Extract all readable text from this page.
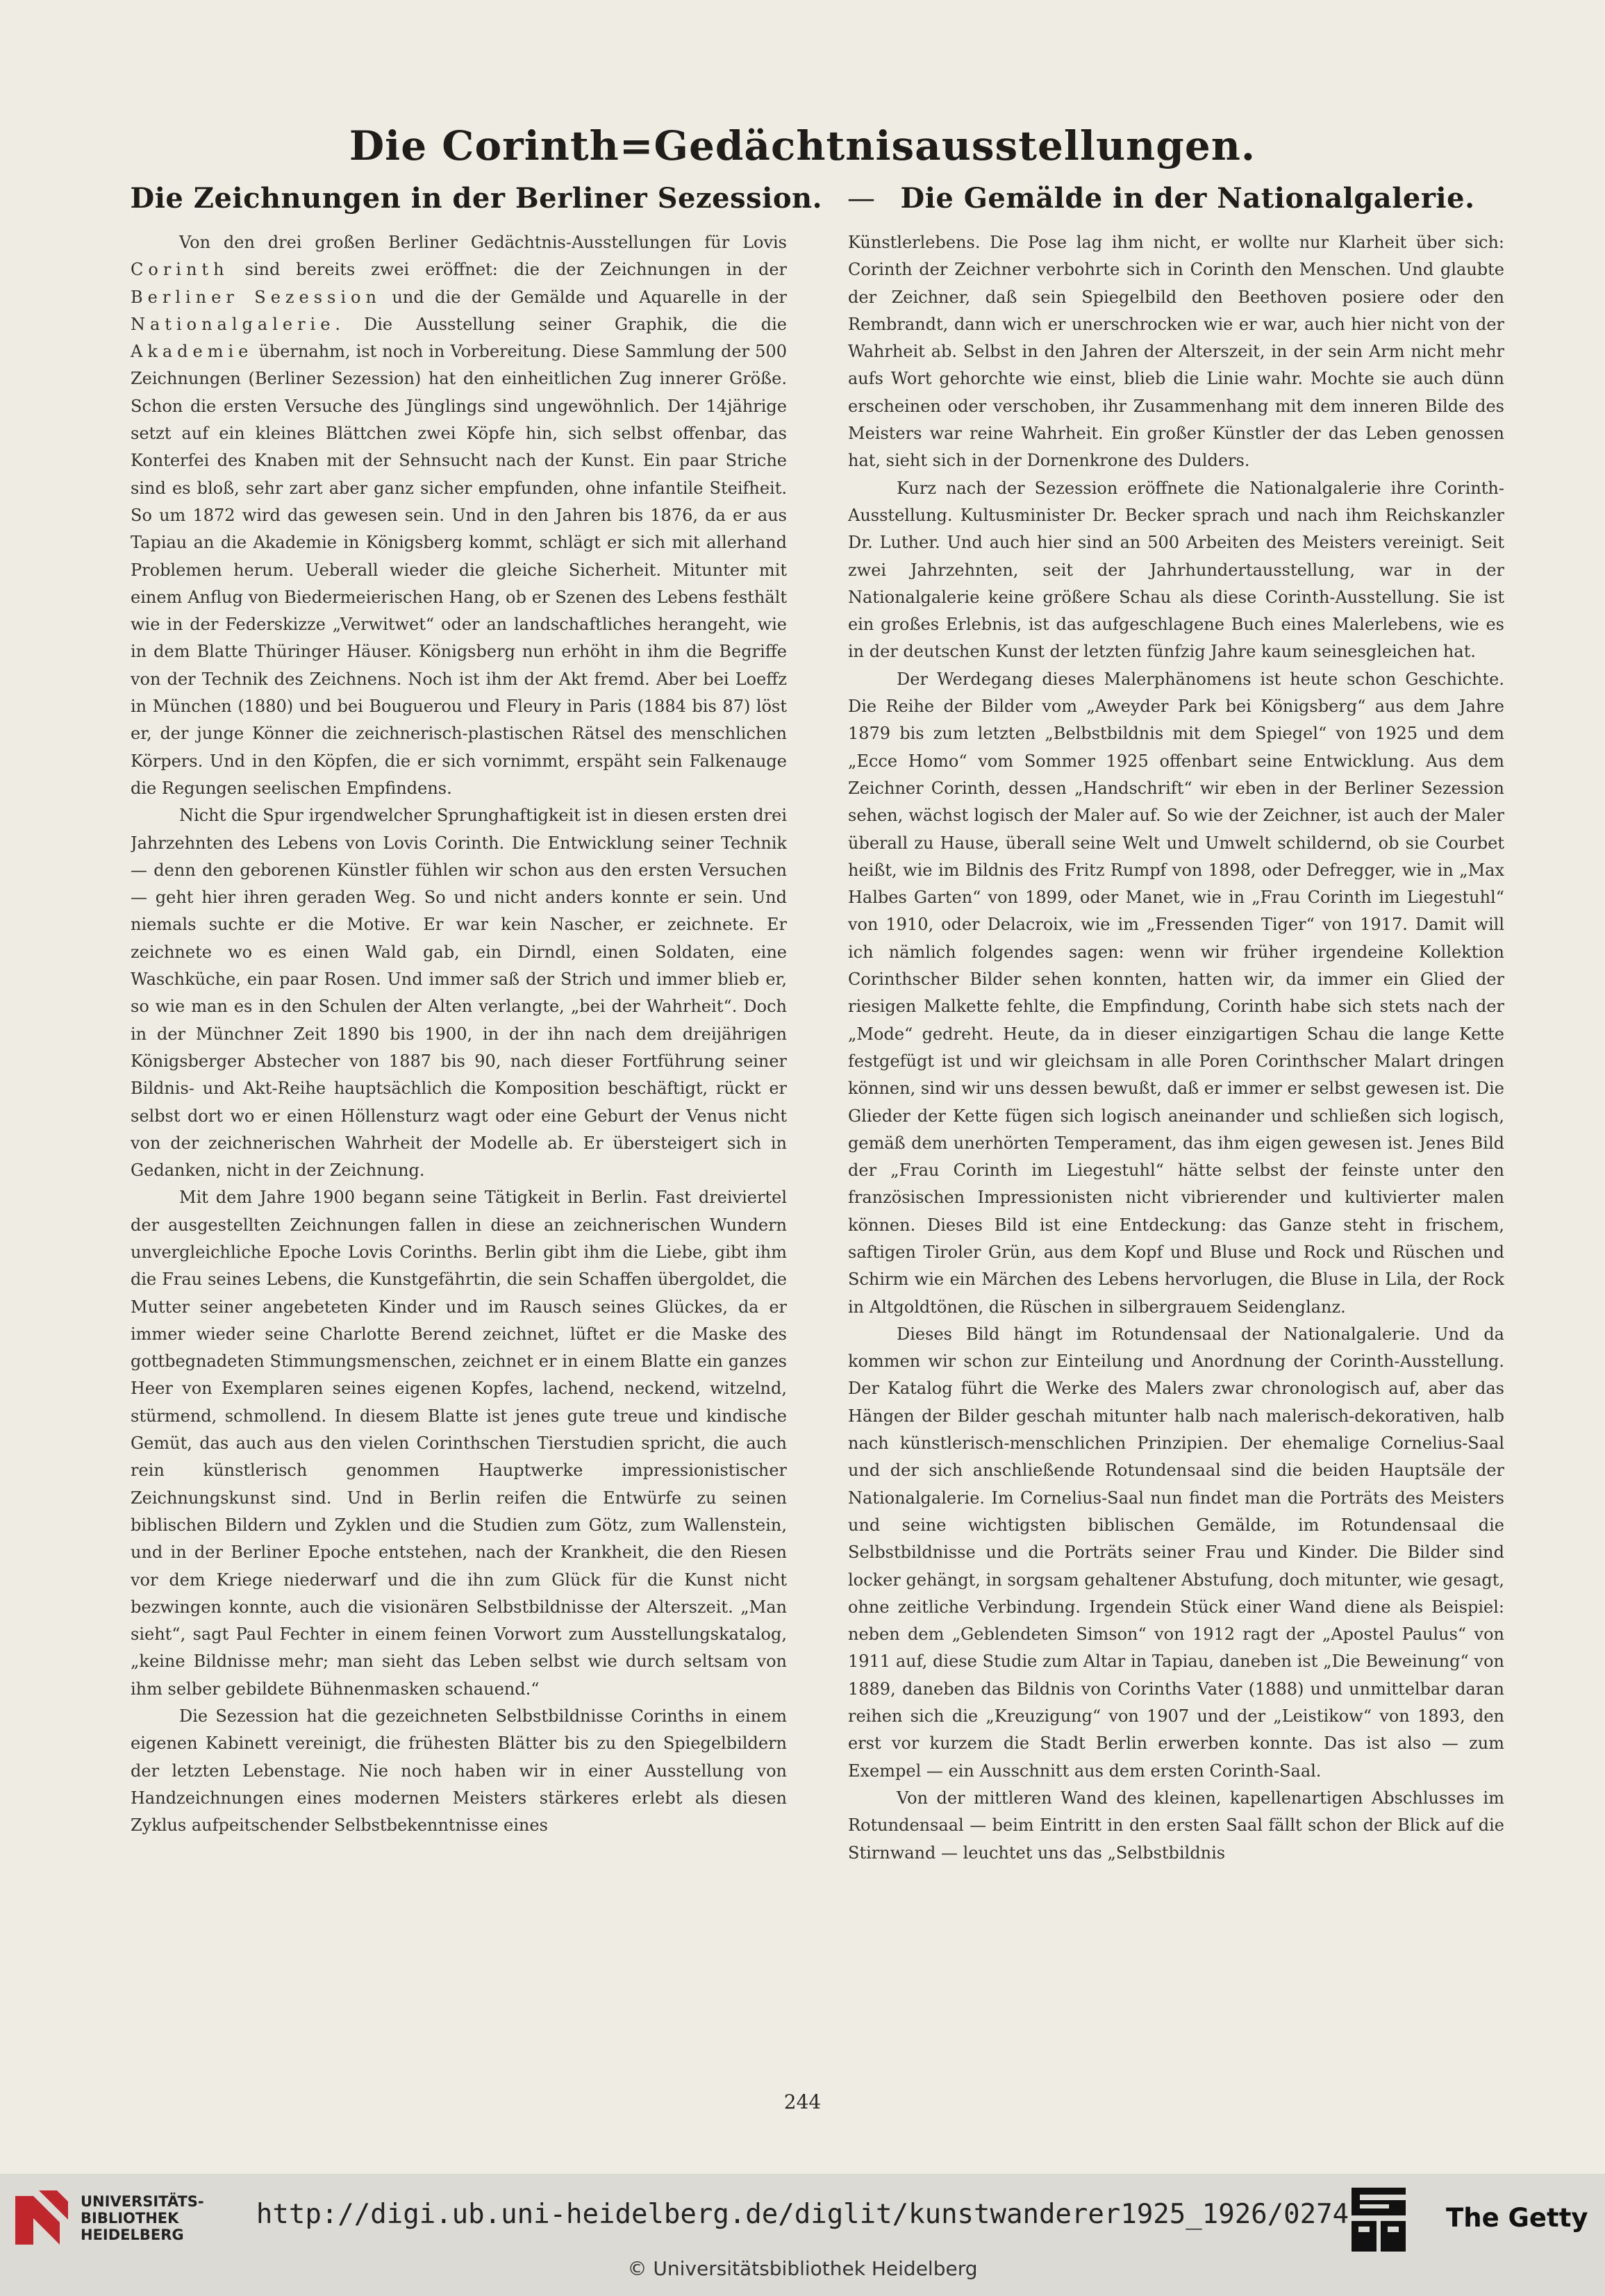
Die Corinth=Gedächtnisausstellungen.
Die Zeichnungen in der Berliner Sezession. — Die Gemälde in der Nationalgalerie.

Von den drei großen Berliner Gedächtnis-Ausstellungen für Lovis Corinth sind bereits zwei eröffnet: die der Zeichnungen in der Berliner Sezession und die der Gemälde und Aquarelle in der Nationalgalerie. Die Ausstellung seiner Graphik, die die Akademie übernahm, ist noch in Vorbereitung. Diese Sammlung der 500 Zeichnungen (Berliner Sezession) hat den einheitlichen Zug innerer Größe. Schon die ersten Versuche des Jünglings sind ungewöhnlich. Der 14jährige setzt auf ein kleines Blättchen zwei Köpfe hin, sich selbst offenbar, das Konterfei des Knaben mit der Sehnsucht nach der Kunst. Ein paar Striche sind es bloß, sehr zart aber ganz sicher empfunden, ohne infantile Steifheit. So um 1872 wird das gewesen sein. Und in den Jahren bis 1876, da er aus Tapiau an die Akademie in Königsberg kommt, schlägt er sich mit allerhand Problemen herum. Ueberall wieder die gleiche Sicherheit. Mitunter mit einem Anflug von Biedermeierischen Hang, ob er Szenen des Lebens festhält wie in der Federskizze „Verwitwet“ oder an landschaftliches herangeht, wie in dem Blatte Thüringer Häuser. Königsberg nun erhöht in ihm die Begriffe von der Technik des Zeichnens. Noch ist ihm der Akt fremd. Aber bei Loeffz in München (1880) und bei Bouguerou und Fleury in Paris (1884 bis 87) löst er, der junge Könner die zeichnerisch-plastischen Rätsel des menschlichen Körpers. Und in den Köpfen, die er sich vornimmt, erspäht sein Falkenauge die Regungen seelischen Empfindens.

Nicht die Spur irgendwelcher Sprunghaftigkeit ist in diesen ersten drei Jahrzehnten des Lebens von Lovis Corinth. Die Entwicklung seiner Technik — denn den geborenen Künstler fühlen wir schon aus den ersten Versuchen — geht hier ihren geraden Weg. So und nicht anders konnte er sein. Und niemals suchte er die Motive. Er war kein Nascher, er zeichnete. Er zeichnete wo es einen Wald gab, ein Dirndl, einen Soldaten, eine Waschküche, ein paar Rosen. Und immer saß der Strich und immer blieb er, so wie man es in den Schulen der Alten verlangte, „bei der Wahrheit“. Doch in der Münchner Zeit 1890 bis 1900, in der ihn nach dem dreijährigen Königsberger Abstecher von 1887 bis 90, nach dieser Fortführung seiner Bildnis- und Akt-Reihe hauptsächlich die Komposition beschäftigt, rückt er selbst dort wo er einen Höllensturz wagt oder eine Geburt der Venus nicht von der zeichnerischen Wahrheit der Modelle ab. Er übersteigert sich in Gedanken, nicht in der Zeichnung.

Mit dem Jahre 1900 begann seine Tätigkeit in Berlin. Fast dreiviertel der ausgestellten Zeichnungen fallen in diese an zeichnerischen Wundern unvergleichliche Epoche Lovis Corinths. Berlin gibt ihm die Liebe, gibt ihm die Frau seines Lebens, die Kunstgefährtin, die sein Schaffen übergoldet, die Mutter seiner angebeteten Kinder und im Rausch seines Glückes, da er immer wieder seine Charlotte Berend zeichnet, lüftet er die Maske des gottbegnadeten Stimmungsmenschen, zeichnet er in einem Blatte ein ganzes Heer von Exemplaren seines eigenen Kopfes, lachend, neckend, witzelnd, stürmend, schmollend. In diesem Blatte ist jenes gute treue und kindische Gemüt, das auch aus den vielen Corinthschen Tierstudien spricht, die auch rein künstlerisch genommen Hauptwerke impressionistischer Zeichnungskunst sind. Und in Berlin reifen die Entwürfe zu seinen biblischen Bildern und Zyklen und die Studien zum Götz, zum Wallenstein, und in der Berliner Epoche entstehen, nach der Krankheit, die den Riesen vor dem Kriege niederwarf und die ihn zum Glück für die Kunst nicht bezwingen konnte, auch die visionären Selbstbildnisse der Alterszeit. „Man sieht“, sagt Paul Fechter in einem feinen Vorwort zum Ausstellungskatalog, „keine Bildnisse mehr; man sieht das Leben selbst wie durch seltsam von ihm selber gebildete Bühnenmasken schauend.“

Die Sezession hat die gezeichneten Selbstbildnisse Corinths in einem eigenen Kabinett vereinigt, die frühesten Blätter bis zu den Spiegelbildern der letzten Lebenstage. Nie noch haben wir in einer Ausstellung von Handzeichnungen eines modernen Meisters stärkeres erlebt als diesen Zyklus aufpeitschender Selbstbekenntnisse eines

Künstlerlebens. Die Pose lag ihm nicht, er wollte nur Klarheit über sich: Corinth der Zeichner verbohrte sich in Corinth den Menschen. Und glaubte der Zeichner, daß sein Spiegelbild den Beethoven posiere oder den Rembrandt, dann wich er unerschrocken wie er war, auch hier nicht von der Wahrheit ab. Selbst in den Jahren der Alterszeit, in der sein Arm nicht mehr aufs Wort gehorchte wie einst, blieb die Linie wahr. Mochte sie auch dünn erscheinen oder verschoben, ihr Zusammenhang mit dem inneren Bilde des Meisters war reine Wahrheit. Ein großer Künstler der das Leben genossen hat, sieht sich in der Dornenkrone des Dulders.

Kurz nach der Sezession eröffnete die Nationalgalerie ihre Corinth-Ausstellung. Kultusminister Dr. Becker sprach und nach ihm Reichskanzler Dr. Luther. Und auch hier sind an 500 Arbeiten des Meisters vereinigt. Seit zwei Jahrzehnten, seit der Jahrhundertausstellung, war in der Nationalgalerie keine größere Schau als diese Corinth-Ausstellung. Sie ist ein großes Erlebnis, ist das aufgeschlagene Buch eines Malerlebens, wie es in der deutschen Kunst der letzten fünfzig Jahre kaum seinesgleichen hat.

Der Werdegang dieses Malerphänomens ist heute schon Geschichte. Die Reihe der Bilder vom „Aweyder Park bei Königsberg“ aus dem Jahre 1879 bis zum letzten „Belbstbildnis mit dem Spiegel“ von 1925 und dem „Ecce Homo“ vom Sommer 1925 offenbart seine Entwicklung. Aus dem Zeichner Corinth, dessen „Handschrift“ wir eben in der Berliner Sezession sehen, wächst logisch der Maler auf. So wie der Zeichner, ist auch der Maler überall zu Hause, überall seine Welt und Umwelt schildernd, ob sie Courbet heißt, wie im Bildnis des Fritz Rumpf von 1898, oder Defregger, wie in „Max Halbes Garten“ von 1899, oder Manet, wie in „Frau Corinth im Liegestuhl“ von 1910, oder Delacroix, wie im „Fressenden Tiger“ von 1917. Damit will ich nämlich folgendes sagen: wenn wir früher irgendeine Kollektion Corinthscher Bilder sehen konnten, hatten wir, da immer ein Glied der riesigen Malkette fehlte, die Empfindung, Corinth habe sich stets nach der „Mode“ gedreht. Heute, da in dieser einzigartigen Schau die lange Kette festgefügt ist und wir gleichsam in alle Poren Corinthscher Malart dringen können, sind wir uns dessen bewußt, daß er immer er selbst gewesen ist. Die Glieder der Kette fügen sich logisch aneinander und schließen sich logisch, gemäß dem unerhörten Temperament, das ihm eigen gewesen ist. Jenes Bild der „Frau Corinth im Liegestuhl“ hätte selbst der feinste unter den französischen Impressionisten nicht vibrierender und kultivierter malen können. Dieses Bild ist eine Entdeckung: das Ganze steht in frischem, saftigen Tiroler Grün, aus dem Kopf und Bluse und Rock und Rüschen und Schirm wie ein Märchen des Lebens hervorlugen, die Bluse in Lila, der Rock in Altgoldtönen, die Rüschen in silbergrauem Seidenglanz.

Dieses Bild hängt im Rotundensaal der Nationalgalerie. Und da kommen wir schon zur Einteilung und Anordnung der Corinth-Ausstellung. Der Katalog führt die Werke des Malers zwar chronologisch auf, aber das Hängen der Bilder geschah mitunter halb nach malerisch-dekorativen, halb nach künstlerisch-menschlichen Prinzipien. Der ehemalige Cornelius-Saal und der sich anschließende Rotundensaal sind die beiden Hauptsäle der Nationalgalerie. Im Cornelius-Saal nun findet man die Porträts des Meisters und seine wichtigsten biblischen Gemälde, im Rotundensaal die Selbstbildnisse und die Porträts seiner Frau und Kinder. Die Bilder sind locker gehängt, in sorgsam gehaltener Abstufung, doch mitunter, wie gesagt, ohne zeitliche Verbindung. Irgendein Stück einer Wand diene als Beispiel: neben dem „Geblendeten Simson“ von 1912 ragt der „Apostel Paulus“ von 1911 auf, diese Studie zum Altar in Tapiau, daneben ist „Die Beweinung“ von 1889, daneben das Bildnis von Corinths Vater (1888) und unmittelbar daran reihen sich die „Kreuzigung“ von 1907 und der „Leistikow“ von 1893, den erst vor kurzem die Stadt Berlin erwerben konnte. Das ist also — zum Exempel — ein Ausschnitt aus dem ersten Corinth-Saal.

Von der mittleren Wand des kleinen, kapellenartigen Abschlusses im Rotundensaal — beim Eintritt in den ersten Saal fällt schon der Blick auf die Stirnwand — leuchtet uns das „Selbstbildnis

244
UNIVERSITÄTS-
BIBLIOTHEK
HEIDELBERG
http://digi.ub.uni-heidelberg.de/diglit/kunstwanderer1925_1926/0274
© Universitätsbibliothek Heidelberg
The Getty
